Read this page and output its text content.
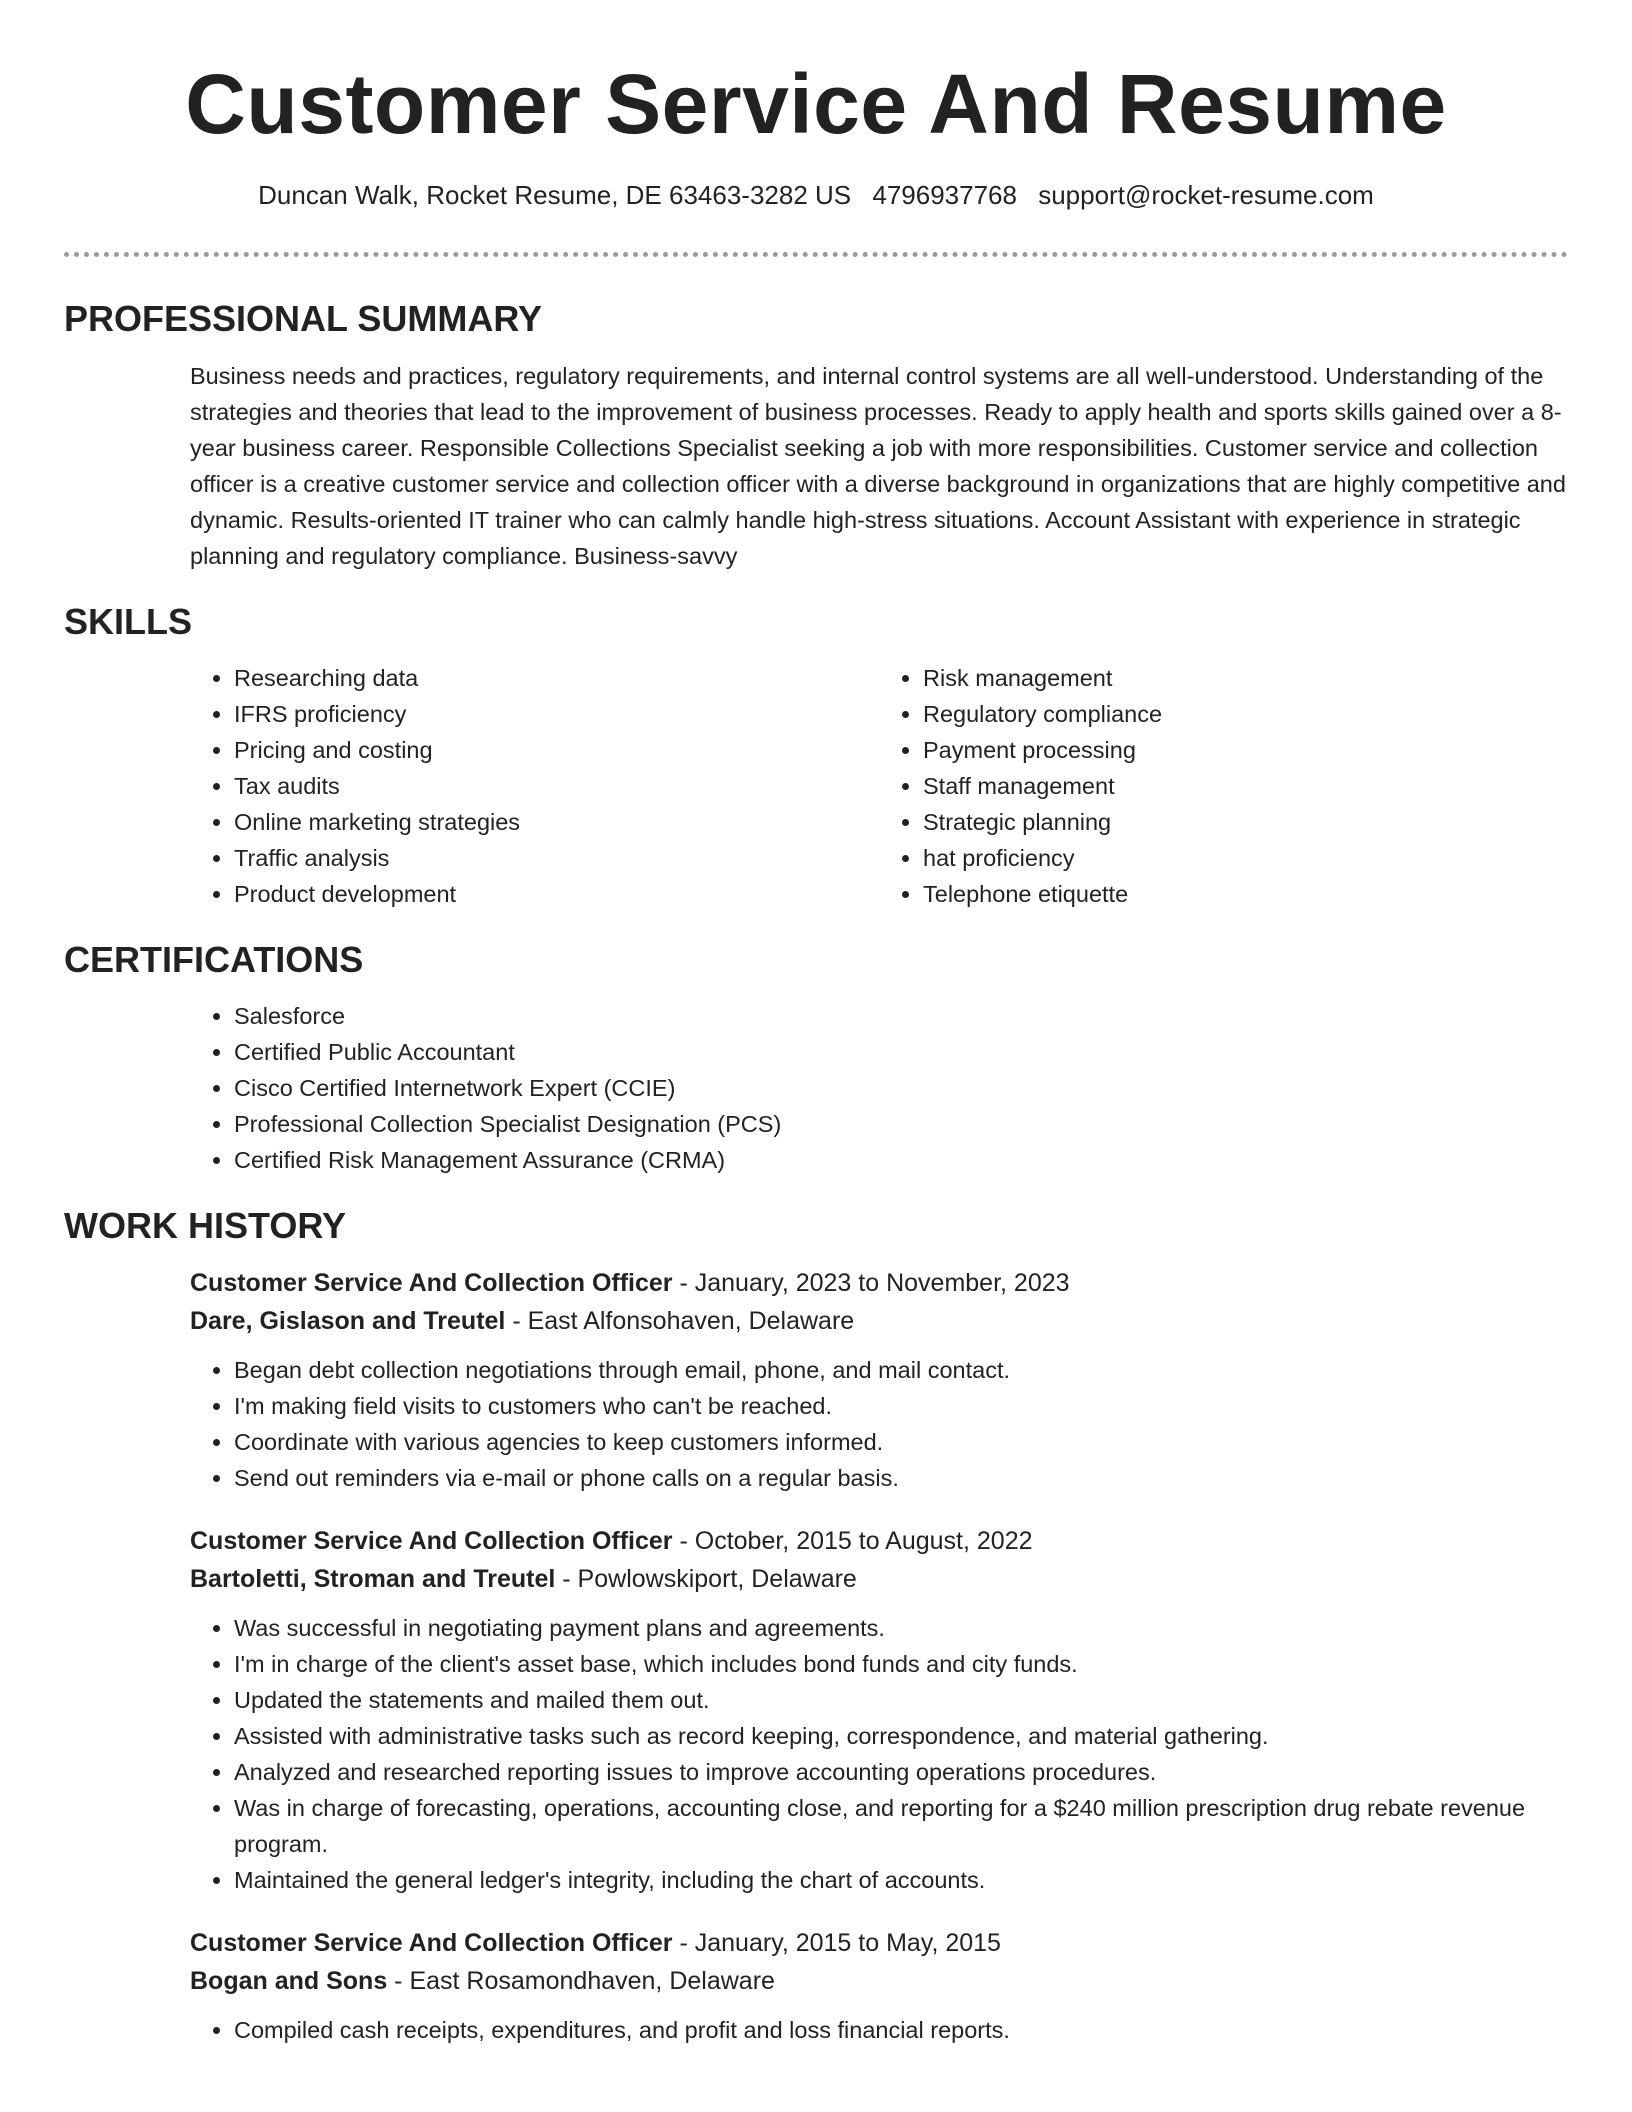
Customer Service And Resume
Duncan Walk, Rocket Resume, DE 63463-3282 US 4796937768 support@rocket-resume.com
PROFESSIONAL SUMMARY

Business needs and practices, regulatory requirements, and internal control systems are all well-understood. Understanding of the strategies and theories that lead to the improvement of business processes. Ready to apply health and sports skills gained over a 8-year business career. Responsible Collections Specialist seeking a job with more responsibilities. Customer service and collection officer is a creative customer service and collection officer with a diverse background in organizations that are highly competitive and dynamic. Results-oriented IT trainer who can calmly handle high-stress situations. Account Assistant with experience in strategic planning and regulatory compliance. Business-savvy

SKILLS
• Researching data
• IFRS proficiency
• Pricing and costing
• Tax audits
• Online marketing strategies
• Traffic analysis
• Product development
• Risk management
• Regulatory compliance
• Payment processing
• Staff management
• Strategic planning
• hat proficiency
• Telephone etiquette
CERTIFICATIONS
• Salesforce
• Certified Public Accountant
• Cisco Certified Internetwork Expert (CCIE)
• Professional Collection Specialist Designation (PCS)
• Certified Risk Management Assurance (CRMA)
WORK HISTORY

Customer Service And Collection Officer - January, 2023 to November, 2023

Dare, Gislason and Treutel - East Alfonsohaven, Delaware

• Began debt collection negotiations through email, phone, and mail contact.
• I'm making field visits to customers who can't be reached.
• Coordinate with various agencies to keep customers informed.
• Send out reminders via e-mail or phone calls on a regular basis.

Customer Service And Collection Officer - October, 2015 to August, 2022

Bartoletti, Stroman and Treutel - Powlowskiport, Delaware

• Was successful in negotiating payment plans and agreements.
• I'm in charge of the client's asset base, which includes bond funds and city funds.
• Updated the statements and mailed them out.
• Assisted with administrative tasks such as record keeping, correspondence, and material gathering.
• Analyzed and researched reporting issues to improve accounting operations procedures.
• Was in charge of forecasting, operations, accounting close, and reporting for a $240 million prescription drug rebate revenue program.
• Maintained the general ledger's integrity, including the chart of accounts.

Customer Service And Collection Officer - January, 2015 to May, 2015

Bogan and Sons - East Rosamondhaven, Delaware

• Compiled cash receipts, expenditures, and profit and loss financial reports.
